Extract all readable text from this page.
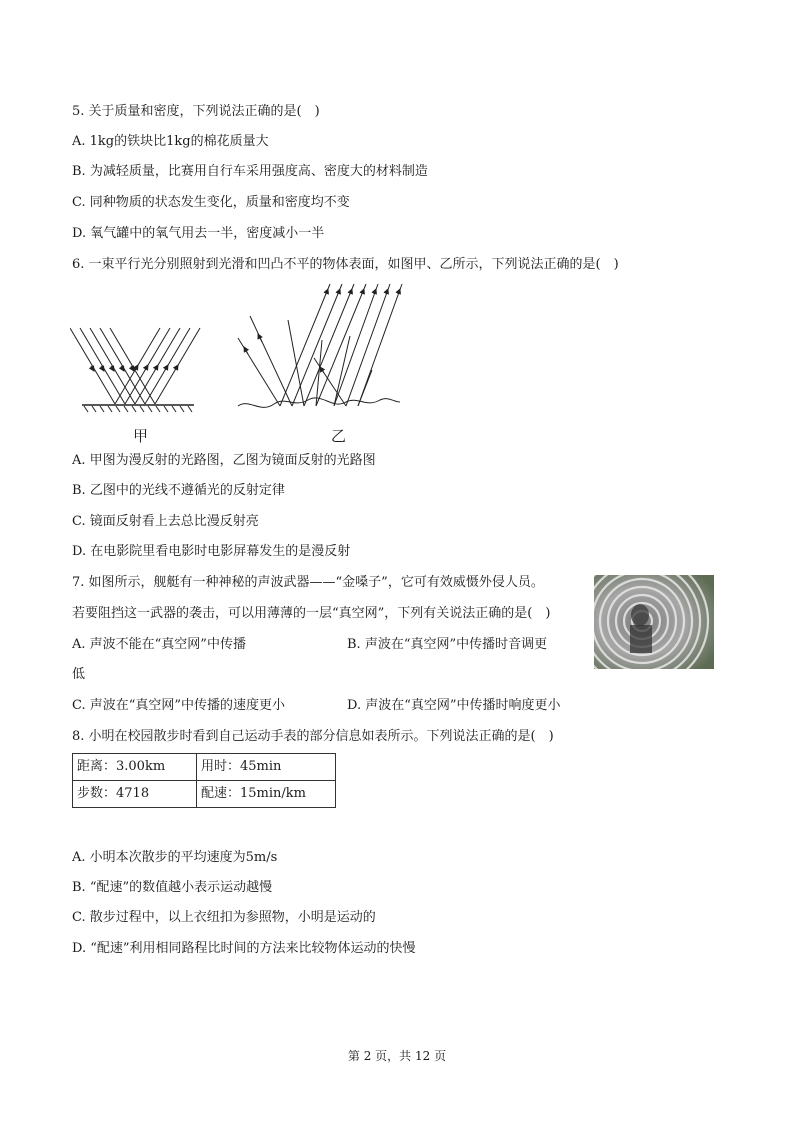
5. 关于质量和密度，下列说法正确的是(　)
A. 1kg的铁块比1kg的棉花质量大
B. 为减轻质量，比赛用自行车采用强度高、密度大的材料制造
C. 同种物质的状态发生变化，质量和密度均不变
D. 氧气罐中的氧气用去一半，密度减小一半
6. 一束平行光分别照射到光滑和凹凸不平的物体表面，如图甲、乙所示，下列说法正确的是(　)
甲	乙
A. 甲图为漫反射的光路图，乙图为镜面反射的光路图
B. 乙图中的光线不遵循光的反射定律
C. 镜面反射看上去总比漫反射亮
D. 在电影院里看电影时电影屏幕发生的是漫反射
7. 如图所示，舰艇有一种神秘的声波武器——“金嗓子”，它可有效威慑外侵人员。
若要阻挡这一武器的袭击，可以用薄薄的一层“真空网”，下列有关说法正确的是(　)
A. 声波不能在“真空网”中传播	B. 声波在“真空网”中传播时音调更
低
C. 声波在“真空网”中传播的速度更小	D. 声波在“真空网”中传播时响度更小
8. 小明在校园散步时看到自己运动手表的部分信息如表所示。下列说法正确的是(　)
距离：3.00km	用时：45min

步数：4718	配速：15min/km
A. 小明本次散步的平均速度为5m/s
B. “配速”的数值越小表示运动越慢
C. 散步过程中，以上衣纽扣为参照物，小明是运动的
D. “配速”利用相同路程比时间的方法来比较物体运动的快慢
第 2 页，共 12 页
